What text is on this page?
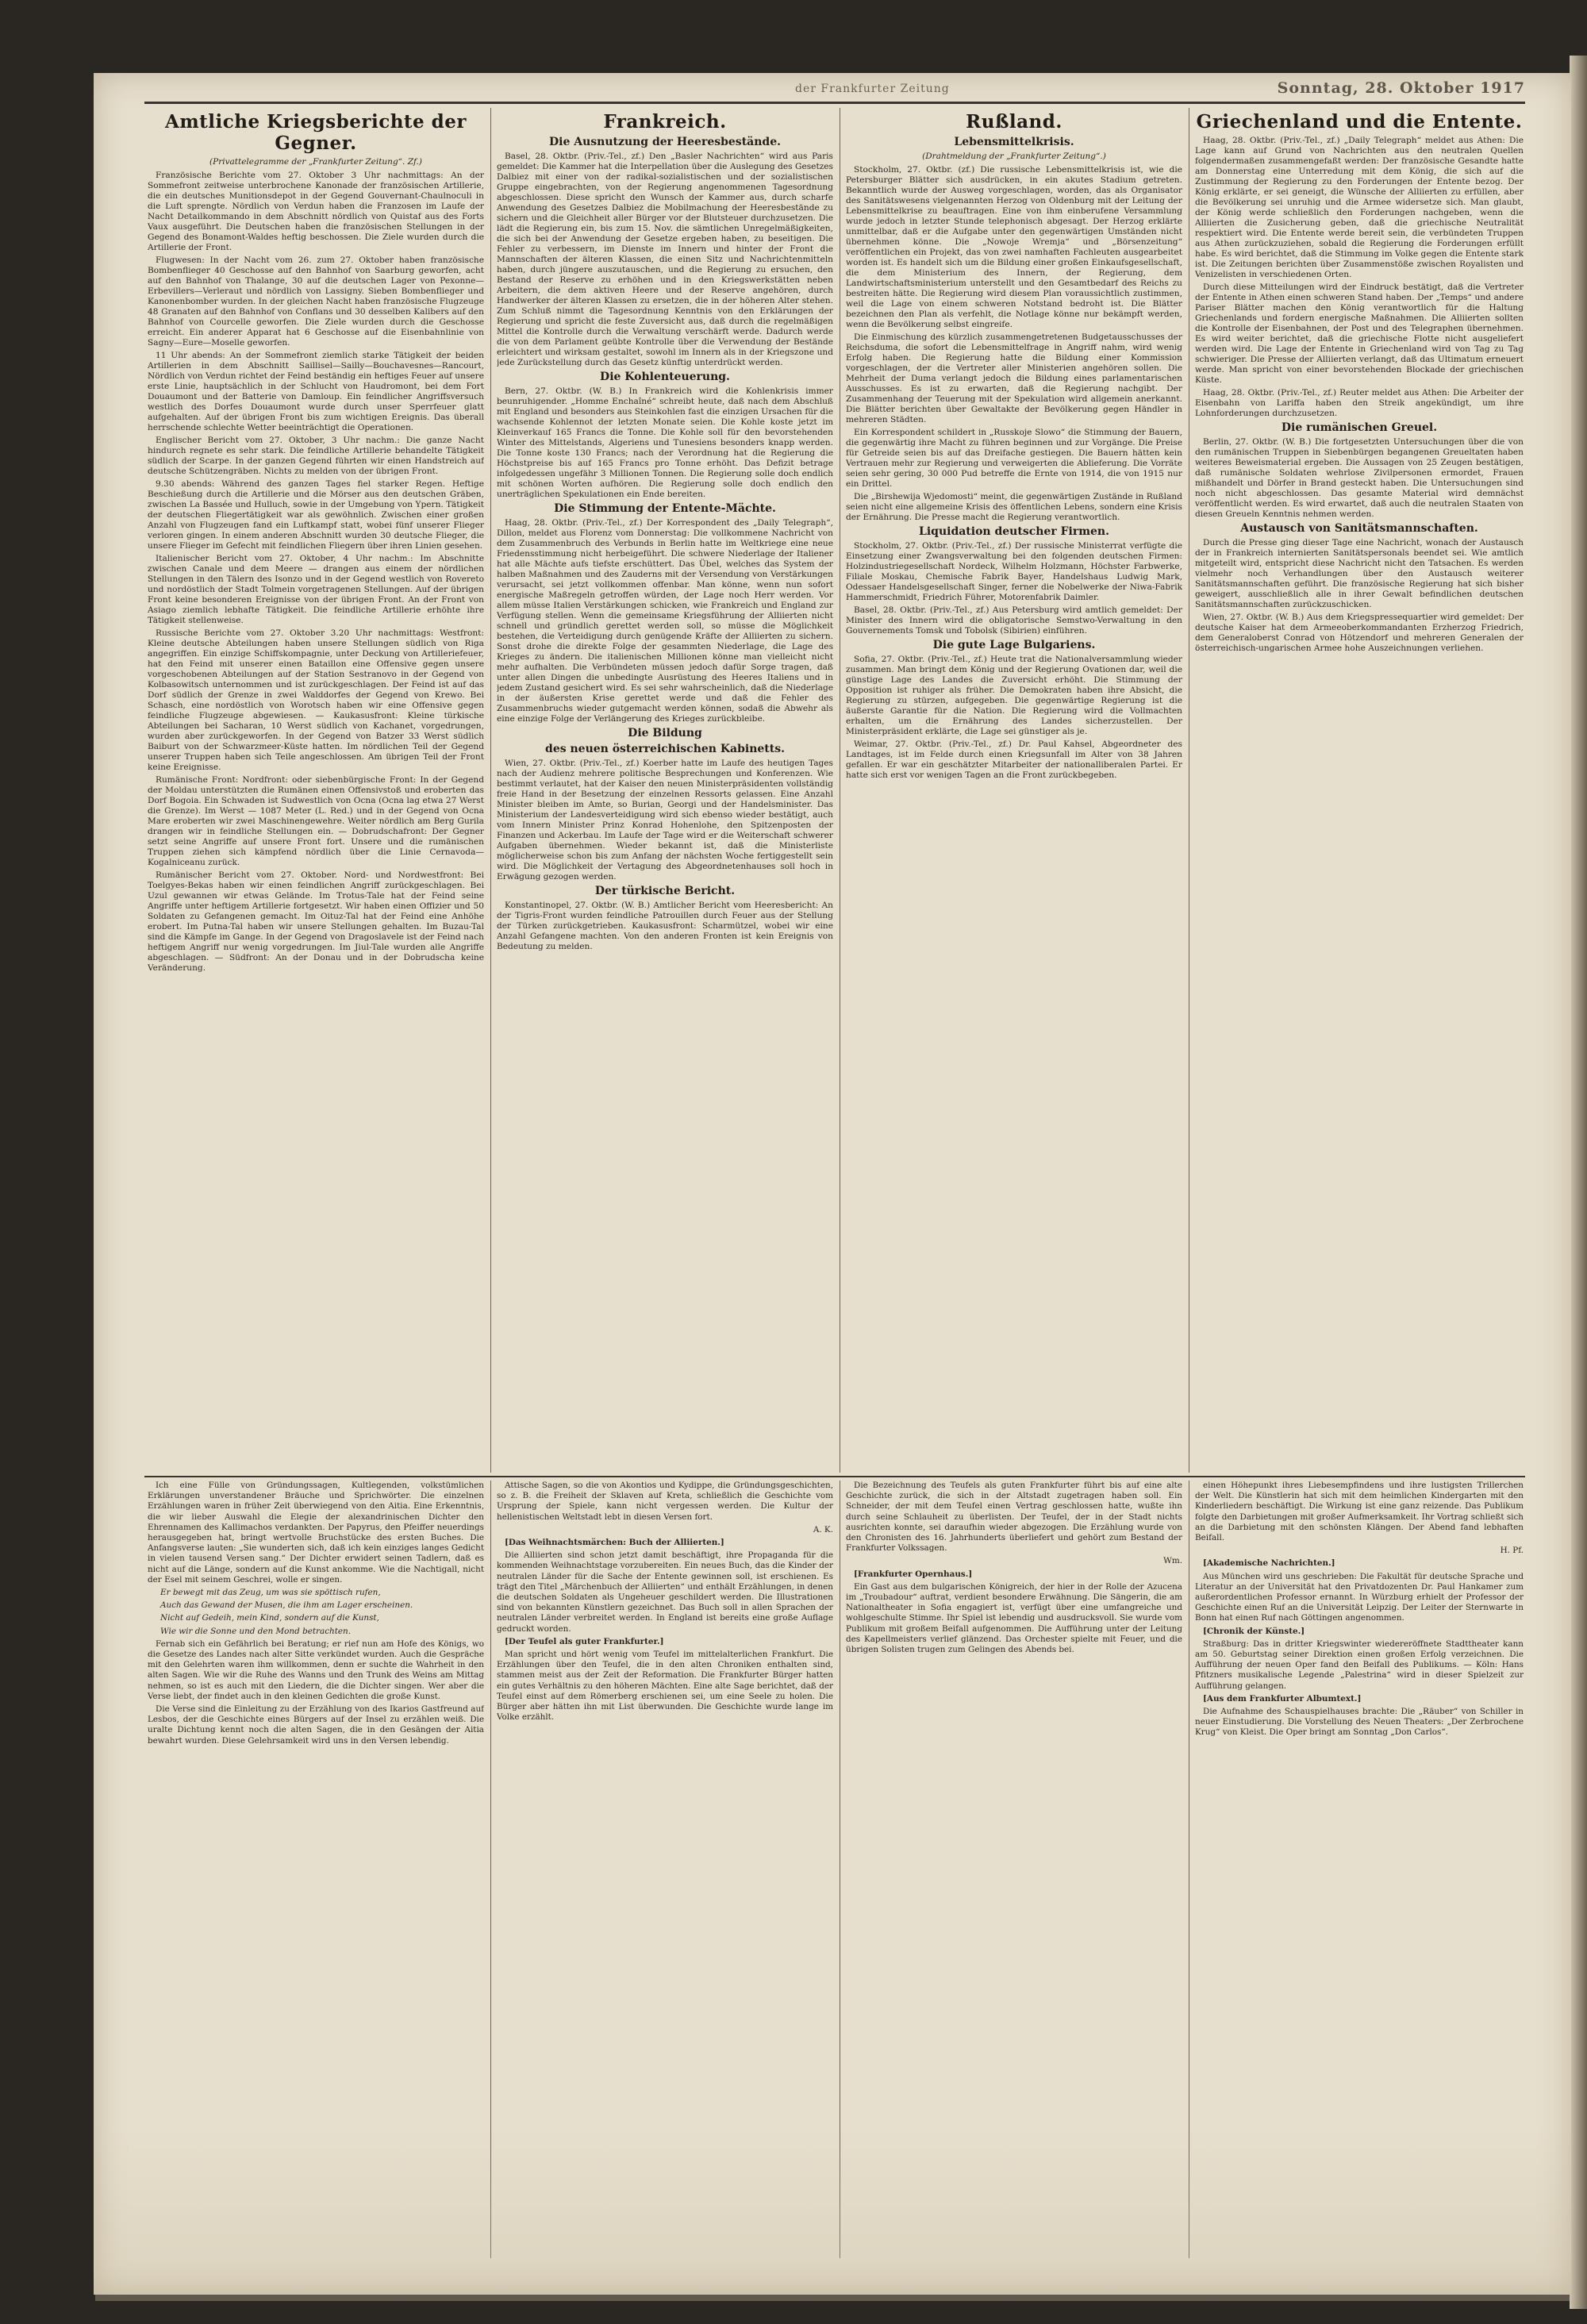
der Frankfurter Zeitung	Sonntag, 28. Oktober 1917
Amtliche Kriegsberichte der Gegner.
(Privattelegramme der „Frankfurter Zeitung“. Zf.)

Französische Berichte vom 27. Oktober 3 Uhr nachmittags: An der Sommefront zeitweise unterbrochene Kanonade der französischen Artillerie, die ein deutsches Munitionsdepot in der Gegend Gouvernant-Chaulnoculi in die Luft sprengte. Nördlich von Verdun haben die Franzosen im Laufe der Nacht Detailkommando in dem Abschnitt nördlich von Quistaf aus des Forts Vaux ausgeführt. Die Deutschen haben die französischen Stellungen in der Gegend des Bonamont-Waldes heftig beschossen. Die Ziele wurden durch die Artillerie der Front.

Flugwesen: In der Nacht vom 26. zum 27. Oktober haben französische Bombenflieger 40 Geschosse auf den Bahnhof von Saarburg geworfen, acht auf den Bahnhof von Thalange, 30 auf die deutschen Lager von Pexonne—Erbevillers—Verleraut und nördlich von Lassigny. Sieben Bombenflieger und Kanonenbomber wurden. In der gleichen Nacht haben französische Flugzeuge 48 Granaten auf den Bahnhof von Conflans und 30 desselben Kalibers auf den Bahnhof von Courcelle geworfen. Die Ziele wurden durch die Geschosse erreicht. Ein anderer Apparat hat 6 Geschosse auf die Eisenbahnlinie von Sagny—Eure—Moselle geworfen.

11 Uhr abends: An der Sommefront ziemlich starke Tätigkeit der beiden Artillerien in dem Abschnitt Saillisel—Sailly—Bouchavesnes—Rancourt, Nördlich von Verdun richtet der Feind beständig ein heftiges Feuer auf unsere erste Linie, hauptsächlich in der Schlucht von Haudromont, bei dem Fort Douaumont und der Batterie von Damloup. Ein feindlicher Angriffsversuch westlich des Dorfes Douaumont wurde durch unser Sperrfeuer glatt aufgehalten. Auf der übrigen Front bis zum wichtigen Ereignis. Das überall herrschende schlechte Wetter beeinträchtigt die Operationen.

Englischer Bericht vom 27. Oktober, 3 Uhr nachm.: Die ganze Nacht hindurch regnete es sehr stark. Die feindliche Artillerie behandelte Tätigkeit südlich der Scarpe. In der ganzen Gegend führten wir einen Handstreich auf deutsche Schützengräben. Nichts zu melden von der übrigen Front.

9.30 abends: Während des ganzen Tages fiel starker Regen. Heftige Beschießung durch die Artillerie und die Mörser aus den deutschen Gräben, zwischen La Bassée und Hulluch, sowie in der Umgebung von Ypern. Tätigkeit der deutschen Fliegertätigkeit war als gewöhnlich. Zwischen einer großen Anzahl von Flugzeugen fand ein Luftkampf statt, wobei fünf unserer Flieger verloren gingen. In einem anderen Abschnitt wurden 30 deutsche Flieger, die unsere Flieger im Gefecht mit feindlichen Fliegern über ihren Linien gesehen.

Italienischer Bericht vom 27. Oktober, 4 Uhr nachm.: Im Abschnitte zwischen Canale und dem Meere — drangen aus einem der nördlichen Stellungen in den Tälern des Isonzo und in der Gegend westlich von Rovereto und nordöstlich der Stadt Tolmein vorgetragenen Stellungen. Auf der übrigen Front keine besonderen Ereignisse von der übrigen Front. An der Front von Asiago ziemlich lebhafte Tätigkeit. Die feindliche Artillerie erhöhte ihre Tätigkeit stellenweise.

Russische Berichte vom 27. Oktober 3.20 Uhr nachmittags: Westfront: Kleine deutsche Abteilungen haben unsere Stellungen südlich von Riga angegriffen. Ein einzige Schiffskompagnie, unter Deckung von Artilleriefeuer, hat den Feind mit unserer einen Bataillon eine Offensive gegen unsere vorgeschobenen Abteilungen auf der Station Sestranovo in der Gegend von Kolbasowitsch unternommen und ist zurückgeschlagen. Der Feind ist auf das Dorf südlich der Grenze in zwei Walddorfes der Gegend von Krewo. Bei Schasch, eine nordöstlich von Worotsch haben wir eine Offensive gegen feindliche Flugzeuge abgewiesen. — Kaukasusfront: Kleine türkische Abteilungen bei Sacharan, 10 Werst südlich von Kachanet, vorgedrungen, wurden aber zurückgeworfen. In der Gegend von Batzer 33 Werst südlich Baiburt von der Schwarzmeer-Küste hatten. Im nördlichen Teil der Gegend unserer Truppen haben sich Teile angeschlossen. Am übrigen Teil der Front keine Ereignisse.

Rumänische Front: Nordfront: oder siebenbürgische Front: In der Gegend der Moldau unterstützten die Rumänen einen Offensivstoß und eroberten das Dorf Bogoia. Ein Schwaden ist Sudwestlich von Ocna (Ocna lag etwa 27 Werst die Grenze). Im Werst — 1087 Meter (L. Red.) und in der Gegend von Ocna Mare eroberten wir zwei Maschinengewehre. Weiter nördlich am Berg Gurila drangen wir in feindliche Stellungen ein. — Dobrudschafront: Der Gegner setzt seine Angriffe auf unsere Front fort. Unsere und die rumänischen Truppen ziehen sich kämpfend nördlich über die Linie Cernavoda—Kogalniceanu zurück.

Rumänischer Bericht vom 27. Oktober. Nord- und Nordwestfront: Bei Toelgyes-Bekas haben wir einen feindlichen Angriff zurückgeschlagen. Bei Uzul gewannen wir etwas Gelände. Im Trotus-Tale hat der Feind seine Angriffe unter heftigem Artillerie fortgesetzt. Wir haben einen Offizier und 50 Soldaten zu Gefangenen gemacht. Im Oituz-Tal hat der Feind eine Anhöhe erobert. Im Putna-Tal haben wir unsere Stellungen gehalten. Im Buzau-Tal sind die Kämpfe im Gange. In der Gegend von Dragoslavele ist der Feind nach heftigem Angriff nur wenig vorgedrungen. Im Jiul-Tale wurden alle Angriffe abgeschlagen. — Südfront: An der Donau und in der Dobrudscha keine Veränderung.

Frankreich.
Die Ausnutzung der Heeresbestände.

Basel, 28. Oktbr. (Priv.-Tel., zf.) Den „Basler Nachrichten“ wird aus Paris gemeldet: Die Kammer hat die Interpellation über die Auslegung des Gesetzes Dalbiez mit einer von der radikal-sozialistischen und der sozialistischen Gruppe eingebrachten, von der Regierung angenommenen Tagesordnung abgeschlossen. Diese spricht den Wunsch der Kammer aus, durch scharfe Anwendung des Gesetzes Dalbiez die Mobilmachung der Heeresbestände zu sichern und die Gleichheit aller Bürger vor der Blutsteuer durchzusetzen. Die lädt die Regierung ein, bis zum 15. Nov. die sämtlichen Unregelmäßigkeiten, die sich bei der Anwendung der Gesetze ergeben haben, zu beseitigen. Die Fehler zu verbessern, im Dienste im Innern und hinter der Front die Mannschaften der älteren Klassen, die einen Sitz und Nachrichtenmitteln haben, durch jüngere auszutauschen, und die Regierung zu ersuchen, den Bestand der Reserve zu erhöhen und in den Kriegswerkstätten neben Arbeitern, die dem aktiven Heere und der Reserve angehören, durch Handwerker der älteren Klassen zu ersetzen, die in der höheren Alter stehen. Zum Schluß nimmt die Tagesordnung Kenntnis von den Erklärungen der Regierung und spricht die feste Zuversicht aus, daß durch die regelmäßigen Mittel die Kontrolle durch die Verwaltung verschärft werde. Dadurch werde die von dem Parlament geübte Kontrolle über die Verwendung der Bestände erleichtert und wirksam gestaltet, sowohl im Innern als in der Kriegszone und jede Zurückstellung durch das Gesetz künftig unterdrückt werden.

Die Kohlenteuerung.

Bern, 27. Oktbr. (W. B.) In Frankreich wird die Kohlenkrisis immer beunruhigender. „Homme Enchaîné“ schreibt heute, daß nach dem Abschluß mit England und besonders aus Steinkohlen fast die einzigen Ursachen für die wachsende Kohlennot der letzten Monate seien. Die Kohle koste jetzt im Kleinverkauf 165 Francs die Tonne. Die Kohle soll für den bevorstehenden Winter des Mittelstands, Algeriens und Tunesiens besonders knapp werden. Die Tonne koste 130 Francs; nach der Verordnung hat die Regierung die Höchstpreise bis auf 165 Francs pro Tonne erhöht. Das Defizit betrage infolgedessen ungefähr 3 Millionen Tonnen. Die Regierung solle doch endlich mit schönen Worten aufhören. Die Regierung solle doch endlich den unerträglichen Spekulationen ein Ende bereiten.

Die Stimmung der Entente-Mächte.

Haag, 28. Oktbr. (Priv.-Tel., zf.) Der Korrespondent des „Daily Telegraph“, Dillon, meldet aus Florenz vom Donnerstag: Die vollkommene Nachricht von dem Zusammenbruch des Verbunds in Berlin hatte im Weltkriege eine neue Friedensstimmung nicht herbeigeführt. Die schwere Niederlage der Italiener hat alle Mächte aufs tiefste erschüttert. Das Übel, welches das System der halben Maßnahmen und des Zauderns mit der Versendung von Verstärkungen verursacht, sei jetzt vollkommen offenbar. Man könne, wenn nun sofort energische Maßregeln getroffen würden, der Lage noch Herr werden. Vor allem müsse Italien Verstärkungen schicken, wie Frankreich und England zur Verfügung stellen. Wenn die gemeinsame Kriegsführung der Alliierten nicht schnell und gründlich gerettet werden soll, so müsse die Möglichkeit bestehen, die Verteidigung durch genügende Kräfte der Alliierten zu sichern. Sonst drohe die direkte Folge der gesammten Niederlage, die Lage des Krieges zu ändern. Die italienischen Millionen könne man vielleicht nicht mehr aufhalten. Die Verbündeten müssen jedoch dafür Sorge tragen, daß unter allen Dingen die unbedingte Ausrüstung des Heeres Italiens und in jedem Zustand gesichert wird. Es sei sehr wahrscheinlich, daß die Niederlage in der äußersten Krise gerettet werde und daß die Fehler des Zusammenbruchs wieder gutgemacht werden können, sodaß die Abwehr als eine einzige Folge der Verlängerung des Krieges zurückbleibe.

Die Bildung
des neuen österreichischen Kabinetts.

Wien, 27. Oktbr. (Priv.-Tel., zf.) Koerber hatte im Laufe des heutigen Tages nach der Audienz mehrere politische Besprechungen und Konferenzen. Wie bestimmt verlautet, hat der Kaiser den neuen Ministerpräsidenten vollständig freie Hand in der Besetzung der einzelnen Ressorts gelassen. Eine Anzahl Minister bleiben im Amte, so Burian, Georgi und der Handelsminister. Das Ministerium der Landesverteidigung wird sich ebenso wieder bestätigt, auch vom Innern Minister Prinz Konrad Hohenlohe, den Spitzenposten der Finanzen und Ackerbau. Im Laufe der Tage wird er die Weiterschaft schwerer Aufgaben übernehmen. Wieder bekannt ist, daß die Ministerliste möglicherweise schon bis zum Anfang der nächsten Woche fertiggestellt sein wird. Die Möglichkeit der Vertagung des Abgeordnetenhauses soll hoch in Erwägung gezogen werden.

Der türkische Bericht.

Konstantinopel, 27. Oktbr. (W. B.) Amtlicher Bericht vom Heeresbericht: An der Tigris-Front wurden feindliche Patrouillen durch Feuer aus der Stellung der Türken zurückgetrieben. Kaukasusfront: Scharmützel, wobei wir eine Anzahl Gefangene machten. Von den anderen Fronten ist kein Ereignis von Bedeutung zu melden.

Rußland.
Lebensmittelkrisis.
(Drahtmeldung der „Frankfurter Zeitung“.)

Stockholm, 27. Oktbr. (zf.) Die russische Lebensmittelkrisis ist, wie die Petersburger Blätter sich ausdrücken, in ein akutes Stadium getreten. Bekanntlich wurde der Ausweg vorgeschlagen, worden, das als Organisator des Sanitätswesens vielgenannten Herzog von Oldenburg mit der Leitung der Lebensmittelkrise zu beauftragen. Eine von ihm einberufene Versammlung wurde jedoch in letzter Stunde telephonisch abgesagt. Der Herzog erklärte unmittelbar, daß er die Aufgabe unter den gegenwärtigen Umständen nicht übernehmen könne. Die „Nowoje Wremja“ und „Börsenzeitung“ veröffentlichen ein Projekt, das von zwei namhaften Fachleuten ausgearbeitet worden ist. Es handelt sich um die Bildung einer großen Einkaufsgesellschaft, die dem Ministerium des Innern, der Regierung, dem Landwirtschaftsministerium unterstellt und den Gesamtbedarf des Reichs zu bestreiten hätte. Die Regierung wird diesem Plan voraussichtlich zustimmen, weil die Lage von einem schweren Notstand bedroht ist. Die Blätter bezeichnen den Plan als verfehlt, die Notlage könne nur bekämpft werden, wenn die Bevölkerung selbst eingreife.

Die Einmischung des kürzlich zusammengetretenen Budgetausschusses der Reichsduma, die sofort die Lebensmittelfrage in Angriff nahm, wird wenig Erfolg haben. Die Regierung hatte die Bildung einer Kommission vorgeschlagen, der die Vertreter aller Ministerien angehören sollen. Die Mehrheit der Duma verlangt jedoch die Bildung eines parlamentarischen Ausschusses. Es ist zu erwarten, daß die Regierung nachgibt. Der Zusammenhang der Teuerung mit der Spekulation wird allgemein anerkannt. Die Blätter berichten über Gewaltakte der Bevölkerung gegen Händler in mehreren Städten.

Ein Korrespondent schildert in „Russkoje Slowo“ die Stimmung der Bauern, die gegenwärtig ihre Macht zu führen beginnen und zur Vorgänge. Die Preise für Getreide seien bis auf das Dreifache gestiegen. Die Bauern hätten kein Vertrauen mehr zur Regierung und verweigerten die Ablieferung. Die Vorräte seien sehr gering, 30 000 Pud betreffe die Ernte von 1914, die von 1915 nur ein Drittel.

Die „Birshewija Wjedomosti“ meint, die gegenwärtigen Zustände in Rußland seien nicht eine allgemeine Krisis des öffentlichen Lebens, sondern eine Krisis der Ernährung. Die Presse macht die Regierung verantwortlich.

Liquidation deutscher Firmen.

Stockholm, 27. Oktbr. (Priv.-Tel., zf.) Der russische Ministerrat verfügte die Einsetzung einer Zwangsverwaltung bei den folgenden deutschen Firmen: Holzindustriegesellschaft Nordeck, Wilhelm Holzmann, Höchster Farbwerke, Filiale Moskau, Chemische Fabrik Bayer, Handelshaus Ludwig Mark, Odessaer Handelsgesellschaft Singer, ferner die Nobelwerke der Niwa-Fabrik Hammerschmidt, Friedrich Führer, Motorenfabrik Daimler.

Basel, 28. Oktbr. (Priv.-Tel., zf.) Aus Petersburg wird amtlich gemeldet: Der Minister des Innern wird die obligatorische Semstwo-Verwaltung in den Gouvernements Tomsk und Tobolsk (Sibirien) einführen.

Die gute Lage Bulgariens.

Sofia, 27. Oktbr. (Priv.-Tel., zf.) Heute trat die Nationalversammlung wieder zusammen. Man bringt dem König und der Regierung Ovationen dar, weil die günstige Lage des Landes die Zuversicht erhöht. Die Stimmung der Opposition ist ruhiger als früher. Die Demokraten haben ihre Absicht, die Regierung zu stürzen, aufgegeben. Die gegenwärtige Regierung ist die äußerste Garantie für die Nation. Die Regierung wird die Vollmachten erhalten, um die Ernährung des Landes sicherzustellen. Der Ministerpräsident erklärte, die Lage sei günstiger als je.

Weimar, 27. Oktbr. (Priv.-Tel., zf.) Dr. Paul Kahsel, Abgeordneter des Landtages, ist im Felde durch einen Kriegsunfall im Alter von 38 Jahren gefallen. Er war ein geschätzter Mitarbeiter der nationalliberalen Partei. Er hatte sich erst vor wenigen Tagen an die Front zurückbegeben.

Griechenland und die Entente.

Haag, 28. Oktbr. (Priv.-Tel., zf.) „Daily Telegraph“ meldet aus Athen: Die Lage kann auf Grund von Nachrichten aus den neutralen Quellen folgendermaßen zusammengefaßt werden: Der französische Gesandte hatte am Donnerstag eine Unterredung mit dem König, die sich auf die Zustimmung der Regierung zu den Forderungen der Entente bezog. Der König erklärte, er sei geneigt, die Wünsche der Alliierten zu erfüllen, aber die Bevölkerung sei unruhig und die Armee widersetze sich. Man glaubt, der König werde schließlich den Forderungen nachgeben, wenn die Alliierten die Zusicherung geben, daß die griechische Neutralität respektiert wird. Die Entente werde bereit sein, die verbündeten Truppen aus Athen zurückzuziehen, sobald die Regierung die Forderungen erfüllt habe. Es wird berichtet, daß die Stimmung im Volke gegen die Entente stark ist. Die Zeitungen berichten über Zusammenstöße zwischen Royalisten und Venizelisten in verschiedenen Orten.

Durch diese Mitteilungen wird der Eindruck bestätigt, daß die Vertreter der Entente in Athen einen schweren Stand haben. Der „Temps“ und andere Pariser Blätter machen den König verantwortlich für die Haltung Griechenlands und fordern energische Maßnahmen. Die Alliierten sollten die Kontrolle der Eisenbahnen, der Post und des Telegraphen übernehmen. Es wird weiter berichtet, daß die griechische Flotte nicht ausgeliefert werden wird. Die Lage der Entente in Griechenland wird von Tag zu Tag schwieriger. Die Presse der Alliierten verlangt, daß das Ultimatum erneuert werde. Man spricht von einer bevorstehenden Blockade der griechischen Küste.

Haag, 28. Oktbr. (Priv.-Tel., zf.) Reuter meldet aus Athen: Die Arbeiter der Eisenbahn von Lariffa haben den Streik angekündigt, um ihre Lohnforderungen durchzusetzen.

Die rumänischen Greuel.

Berlin, 27. Oktbr. (W. B.) Die fortgesetzten Untersuchungen über die von den rumänischen Truppen in Siebenbürgen begangenen Greueltaten haben weiteres Beweismaterial ergeben. Die Aussagen von 25 Zeugen bestätigen, daß rumänische Soldaten wehrlose Zivilpersonen ermordet, Frauen mißhandelt und Dörfer in Brand gesteckt haben. Die Untersuchungen sind noch nicht abgeschlossen. Das gesamte Material wird demnächst veröffentlicht werden. Es wird erwartet, daß auch die neutralen Staaten von diesen Greueln Kenntnis nehmen werden.

Austausch von Sanitätsmannschaften.

Durch die Presse ging dieser Tage eine Nachricht, wonach der Austausch der in Frankreich internierten Sanitätspersonals beendet sei. Wie amtlich mitgeteilt wird, entspricht diese Nachricht nicht den Tatsachen. Es werden vielmehr noch Verhandlungen über den Austausch weiterer Sanitätsmannschaften geführt. Die französische Regierung hat sich bisher geweigert, ausschließlich alle in ihrer Gewalt befindlichen deutschen Sanitätsmannschaften zurückzuschicken.

Wien, 27. Oktbr. (W. B.) Aus dem Kriegspressequartier wird gemeldet: Der deutsche Kaiser hat dem Armeeoberkommandanten Erzherzog Friedrich, dem Generaloberst Conrad von Hötzendorf und mehreren Generalen der österreichisch-ungarischen Armee hohe Auszeichnungen verliehen.

Ich eine Fülle von Gründungssagen, Kultlegenden, volkstümlichen Erklärungen unverstandener Bräuche und Sprichwörter. Die einzelnen Erzählungen waren in früher Zeit überwiegend von den Aitia. Eine Erkenntnis, die wir lieber Auswahl die Elegie der alexandrinischen Dichter den Ehrennamen des Kallimachos verdankten. Der Papyrus, den Pfeiffer neuerdings herausgegeben hat, bringt wertvolle Bruchstücke des ersten Buches. Die Anfangsverse lauten: „Sie wunderten sich, daß ich kein einziges langes Gedicht in vielen tausend Versen sang.“ Der Dichter erwidert seinen Tadlern, daß es nicht auf die Länge, sondern auf die Kunst ankomme. Wie die Nachtigall, nicht der Esel mit seinem Geschrei, wolle er singen.

Er bewegt mit das Zeug, um was sie spöttisch rufen,

Auch das Gewand der Musen, die ihm am Lager erscheinen.

Nicht auf Gedeih, mein Kind, sondern auf die Kunst,

Wie wir die Sonne und den Mond betrachten.

Fernab sich ein Gefährlich bei Beratung; er rief nun am Hofe des Königs, wo die Gesetze des Landes nach alter Sitte verkündet wurden. Auch die Gespräche mit den Gelehrten waren ihm willkommen, denn er suchte die Wahrheit in den alten Sagen. Wie wir die Ruhe des Wanns und den Trunk des Weins am Mittag nehmen, so ist es auch mit den Liedern, die die Dichter singen. Wer aber die Verse liebt, der findet auch in den kleinen Gedichten die große Kunst.

Die Verse sind die Einleitung zu der Erzählung von des Ikarios Gastfreund auf Lesbos, der die Geschichte eines Bürgers auf der Insel zu erzählen weiß. Die uralte Dichtung kennt noch die alten Sagen, die in den Gesängen der Aitia bewahrt wurden. Diese Gelehrsamkeit wird uns in den Versen lebendig.

Attische Sagen, so die von Akontios und Kydippe, die Gründungsgeschichten, so z. B. die Freiheit der Sklaven auf Kreta, schließlich die Geschichte vom Ursprung der Spiele, kann nicht vergessen werden. Die Kultur der hellenistischen Weltstadt lebt in diesen Versen fort.

A. K.

[Das Weihnachtsmärchen: Buch der Alliierten.]

Die Alliierten sind schon jetzt damit beschäftigt, ihre Propaganda für die kommenden Weihnachtstage vorzubereiten. Ein neues Buch, das die Kinder der neutralen Länder für die Sache der Entente gewinnen soll, ist erschienen. Es trägt den Titel „Märchenbuch der Alliierten“ und enthält Erzählungen, in denen die deutschen Soldaten als Ungeheuer geschildert werden. Die Illustrationen sind von bekannten Künstlern gezeichnet. Das Buch soll in allen Sprachen der neutralen Länder verbreitet werden. In England ist bereits eine große Auflage gedruckt worden.

[Der Teufel als guter Frankfurter.]

Man spricht und hört wenig vom Teufel im mittelalterlichen Frankfurt. Die Erzählungen über den Teufel, die in den alten Chroniken enthalten sind, stammen meist aus der Zeit der Reformation. Die Frankfurter Bürger hatten ein gutes Verhältnis zu den höheren Mächten. Eine alte Sage berichtet, daß der Teufel einst auf dem Römerberg erschienen sei, um eine Seele zu holen. Die Bürger aber hätten ihn mit List überwunden. Die Geschichte wurde lange im Volke erzählt.

Die Bezeichnung des Teufels als guten Frankfurter führt bis auf eine alte Geschichte zurück, die sich in der Altstadt zugetragen haben soll. Ein Schneider, der mit dem Teufel einen Vertrag geschlossen hatte, wußte ihn durch seine Schlauheit zu überlisten. Der Teufel, der in der Stadt nichts ausrichten konnte, sei daraufhin wieder abgezogen. Die Erzählung wurde von den Chronisten des 16. Jahrhunderts überliefert und gehört zum Bestand der Frankfurter Volkssagen.

Wm.

[Frankfurter Opernhaus.]

Ein Gast aus dem bulgarischen Königreich, der hier in der Rolle der Azucena im „Troubadour“ auftrat, verdient besondere Erwähnung. Die Sängerin, die am Nationaltheater in Sofia engagiert ist, verfügt über eine umfangreiche und wohlgeschulte Stimme. Ihr Spiel ist lebendig und ausdrucksvoll. Sie wurde vom Publikum mit großem Beifall aufgenommen. Die Aufführung unter der Leitung des Kapellmeisters verlief glänzend. Das Orchester spielte mit Feuer, und die übrigen Solisten trugen zum Gelingen des Abends bei.

einen Höhepunkt ihres Liebesempfindens und ihre lustigsten Trillerchen der Welt. Die Künstlerin hat sich mit dem heimlichen Kindergarten mit den Kinderliedern beschäftigt. Die Wirkung ist eine ganz reizende. Das Publikum folgte den Darbietungen mit großer Aufmerksamkeit. Ihr Vortrag schließt sich an die Darbietung mit den schönsten Klängen. Der Abend fand lebhaften Beifall.

H. Pf.

[Akademische Nachrichten.]

Aus München wird uns geschrieben: Die Fakultät für deutsche Sprache und Literatur an der Universität hat den Privatdozenten Dr. Paul Hankamer zum außerordentlichen Professor ernannt. In Würzburg erhielt der Professor der Geschichte einen Ruf an die Universität Leipzig. Der Leiter der Sternwarte in Bonn hat einen Ruf nach Göttingen angenommen.

[Chronik der Künste.]

Straßburg: Das in dritter Kriegswinter wiedereröffnete Stadttheater kann am 50. Geburtstag seiner Direktion einen großen Erfolg verzeichnen. Die Aufführung der neuen Oper fand den Beifall des Publikums. — Köln: Hans Pfitzners musikalische Legende „Palestrina“ wird in dieser Spielzeit zur Aufführung gelangen.

[Aus dem Frankfurter Albumtext.]

Die Aufnahme des Schauspielhauses brachte: Die „Räuber“ von Schiller in neuer Einstudierung. Die Vorstellung des Neuen Theaters: „Der Zerbrochene Krug“ von Kleist. Die Oper bringt am Sonntag „Don Carlos“.
